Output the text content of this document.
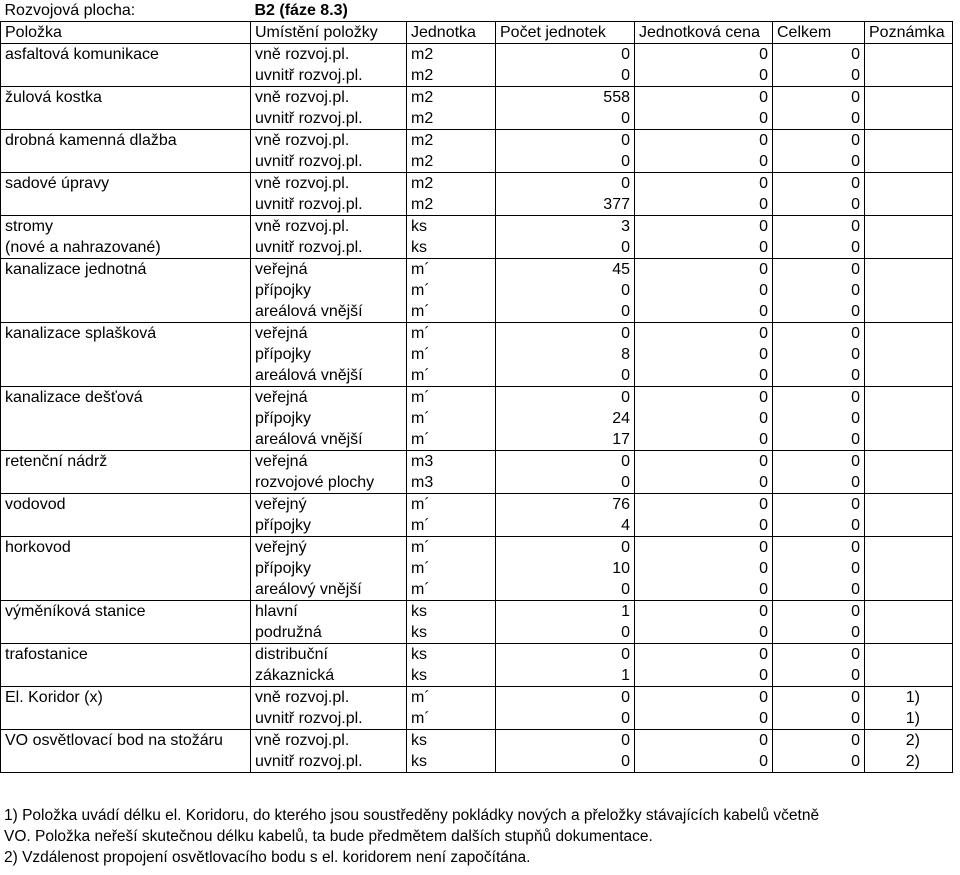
Rozvojová plocha:	B2 (fáze 8.3)					
Položka	Umístění položky	Jednotka	Počet jednotek	Jednotková cena	Celkem	Poznámka
asfaltová komunikace	vně rozvoj.pl.	m2	0	0	0	
	uvnitř rozvoj.pl.	m2	0	0	0	
žulová kostka	vně rozvoj.pl.	m2	558	0	0	
	uvnitř rozvoj.pl.	m2	0	0	0	
drobná kamenná dlažba	vně rozvoj.pl.	m2	0	0	0	
	uvnitř rozvoj.pl.	m2	0	0	0	
sadové úpravy	vně rozvoj.pl.	m2	0	0	0	
	uvnitř rozvoj.pl.	m2	377	0	0	
stromy	vně rozvoj.pl.	ks	3	0	0	
(nové a nahrazované)	uvnitř rozvoj.pl.	ks	0	0	0	
kanalizace jednotná	veřejná	m´	45	0	0	
	přípojky	m´	0	0	0	
	areálová vnější	m´	0	0	0	
kanalizace splašková	veřejná	m´	0	0	0	
	přípojky	m´	8	0	0	
	areálová vnější	m´	0	0	0	
kanalizace dešťová	veřejná	m´	0	0	0	
	přípojky	m´	24	0	0	
	areálová vnější	m´	17	0	0	
retenční nádrž	veřejná	m3	0	0	0	
	rozvojové plochy	m3	0	0	0	
vodovod	veřejný	m´	76	0	0	
	přípojky	m´	4	0	0	
horkovod	veřejný	m´	0	0	0	
	přípojky	m´	10	0	0	
	areálový vnější	m´	0	0	0	
výměníková stanice	hlavní	ks	1	0	0	
	podružná	ks	0	0	0	
trafostanice	distribuční	ks	0	0	0	
	zákaznická	ks	1	0	0	
El. Koridor (x)	vně rozvoj.pl.	m´	0	0	0	1)
	uvnitř rozvoj.pl.	m´	0	0	0	1)
VO osvětlovací bod na stožáru	vně rozvoj.pl.	ks	0	0	0	2)
	uvnitř rozvoj.pl.	ks	0	0	0	2)

1) Položka uvádí délku el. Koridoru, do kterého jsou soustředěny pokládky nových a přeložky stávajících kabelů včetně

VO. Položka neřeší skutečnou délku kabelů, ta bude předmětem dalších stupňů dokumentace.

2) Vzdálenost propojení osvětlovacího bodu s el. koridorem není započítána.
